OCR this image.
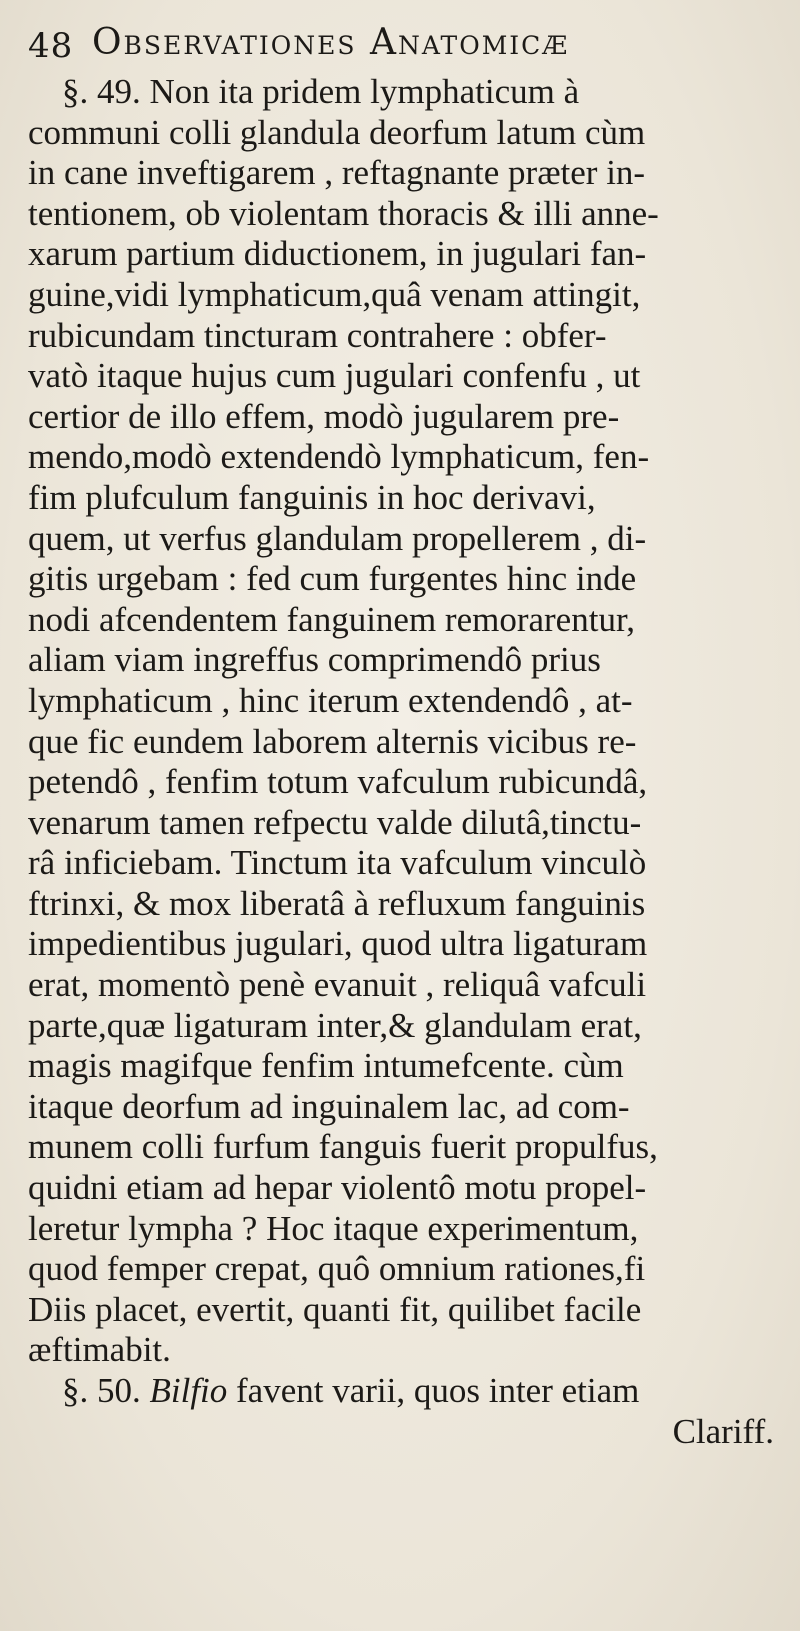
48 Observationes Anatomicæ
§. 49. Non ita pridem lymphaticum à
communi colli glandula deorfum latum cùm
in cane inveftigarem , reftagnante præter in-
tentionem, ob violentam thoracis & illi anne-
xarum partium diductionem, in jugulari fan-
guine,vidi lymphaticum,quâ venam attingit,
rubicundam tincturam contrahere : obfer-
vatò itaque hujus cum jugulari confenfu , ut
certior de illo effem, modò jugularem pre-
mendo,modò extendendò lymphaticum, fen-
fim plufculum fanguinis in hoc derivavi,
quem, ut verfus glandulam propellerem , di-
gitis urgebam : fed cum furgentes hinc inde
nodi afcendentem fanguinem remorarentur,
aliam viam ingreffus comprimendô prius
lymphaticum , hinc iterum extendendô , at-
que fic eundem laborem alternis vicibus re-
petendô , fenfim totum vafculum rubicundâ,
venarum tamen refpectu valde dilutâ,tinctu-
râ inficiebam. Tinctum ita vafculum vinculò
ftrinxi, & mox liberatâ à refluxum fanguinis
impedientibus jugulari, quod ultra ligaturam
erat, momentò penè evanuit , reliquâ vafculi
parte,quæ ligaturam inter,& glandulam erat,
magis magifque fenfim intumefcente. cùm
itaque deorfum ad inguinalem lac, ad com-
munem colli furfum fanguis fuerit propulfus,
quidni etiam ad hepar violentô motu propel-
leretur lympha ? Hoc itaque experimentum,
quod femper crepat, quô omnium rationes,fi
Diis placet, evertit, quanti fit, quilibet facile
æftimabit.
§. 50. Bilfio favent varii, quos inter etiam
Clariff.
